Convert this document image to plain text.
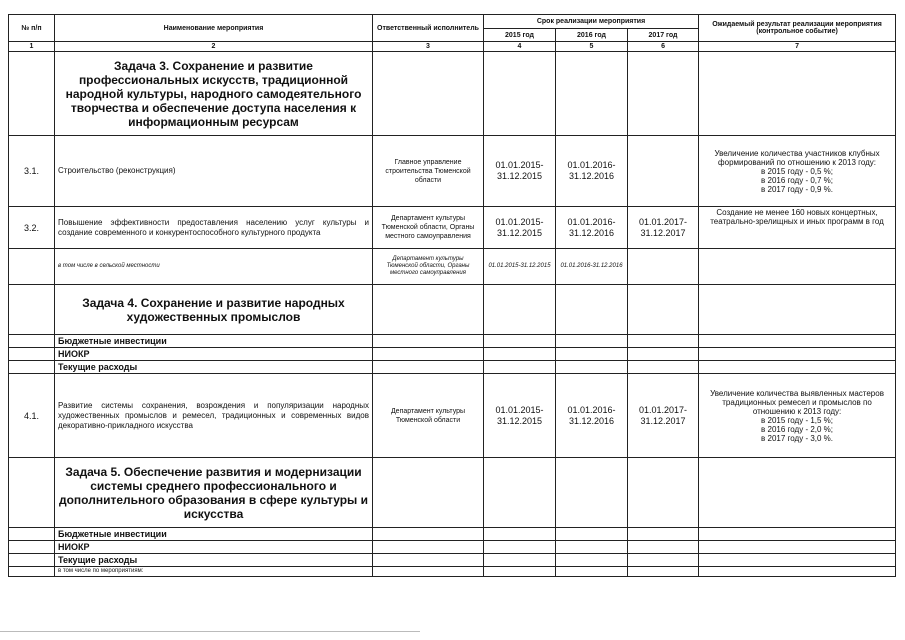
№ п/п	Наименование мероприятия	Ответственный исполнитель	Срок реализации мероприятия			Ожидаемый результат реализации мероприятия (контрольное событие)
			2015 год	2016 год	2017 год	
1	2	3	4	5	6	7
	Задача 3. Сохранение и развитие профессиональных искусств, традиционной народной культуры, народного самодеятельного творчества и обеспечение доступа населения к информационным ресурсам					
3.1.	Строительство (реконструкция)	Главное управление строительства Тюменской области	01.01.2015-31.12.2015	01.01.2016-31.12.2016		Увеличение количества участников клубных формирований по отношению к 2013 году:
в 2015 году - 0,5 %;
в 2016 году - 0,7 %;
в 2017 году - 0,9 %.

3.2.	Повышение эффективности предоставления населению услуг культуры и создание современного и конкурентоспособного культурного продукта	Департамент культуры Тюменской области, Органы местного самоуправления	01.01.2015-31.12.2015	01.01.2016-31.12.2016	01.01.2017-31.12.2017	Создание не менее 160 новых концертных, театрально-зрелищных и иных программ в год
	в том числе в сельской местности	Департамент культуры Тюменской области, Органы местного самоуправления	01.01.2015-31.12.2015	01.01.2016-31.12.2016		
	Задача 4. Сохранение и развитие народных художественных промыслов					
	Бюджетные инвестиции					
	НИОКР					
	Текущие расходы					
4.1.	Развитие системы сохранения, возрождения и популяризации народных художественных промыслов и ремесел, традиционных и современных видов декоративно-прикладного искусства	Департамент культуры Тюменской области	01.01.2015-31.12.2015	01.01.2016-31.12.2016	01.01.2017-31.12.2017	Увеличение количества выявленных мастеров традиционных ремесел и промыслов по отношению к 2013 году:
в 2015 году - 1,5 %;
в 2016 году - 2,0 %;
в 2017 году - 3,0 %.

	Задача 5. Обеспечение развития и модернизации системы среднего профессионального и дополнительного образования в сфере культуры и искусства					
	Бюджетные инвестиции					
	НИОКР					
	Текущие расходы					
	в том числе по мероприятиям:					
